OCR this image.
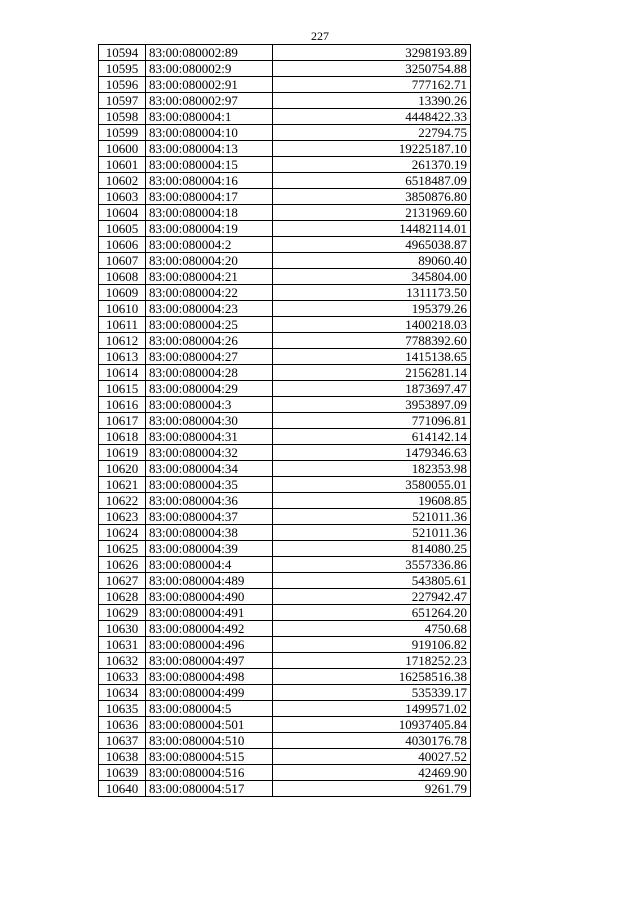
227
10594	83:00:080002:89	3298193.89
10595	83:00:080002:9	3250754.88
10596	83:00:080002:91	777162.71
10597	83:00:080002:97	13390.26
10598	83:00:080004:1	4448422.33
10599	83:00:080004:10	22794.75
10600	83:00:080004:13	19225187.10
10601	83:00:080004:15	261370.19
10602	83:00:080004:16	6518487.09
10603	83:00:080004:17	3850876.80
10604	83:00:080004:18	2131969.60
10605	83:00:080004:19	14482114.01
10606	83:00:080004:2	4965038.87
10607	83:00:080004:20	89060.40
10608	83:00:080004:21	345804.00
10609	83:00:080004:22	1311173.50
10610	83:00:080004:23	195379.26
10611	83:00:080004:25	1400218.03
10612	83:00:080004:26	7788392.60
10613	83:00:080004:27	1415138.65
10614	83:00:080004:28	2156281.14
10615	83:00:080004:29	1873697.47
10616	83:00:080004:3	3953897.09
10617	83:00:080004:30	771096.81
10618	83:00:080004:31	614142.14
10619	83:00:080004:32	1479346.63
10620	83:00:080004:34	182353.98
10621	83:00:080004:35	3580055.01
10622	83:00:080004:36	19608.85
10623	83:00:080004:37	521011.36
10624	83:00:080004:38	521011.36
10625	83:00:080004:39	814080.25
10626	83:00:080004:4	3557336.86
10627	83:00:080004:489	543805.61
10628	83:00:080004:490	227942.47
10629	83:00:080004:491	651264.20
10630	83:00:080004:492	4750.68
10631	83:00:080004:496	919106.82
10632	83:00:080004:497	1718252.23
10633	83:00:080004:498	16258516.38
10634	83:00:080004:499	535339.17
10635	83:00:080004:5	1499571.02
10636	83:00:080004:501	10937405.84
10637	83:00:080004:510	4030176.78
10638	83:00:080004:515	40027.52
10639	83:00:080004:516	42469.90
10640	83:00:080004:517	9261.79
